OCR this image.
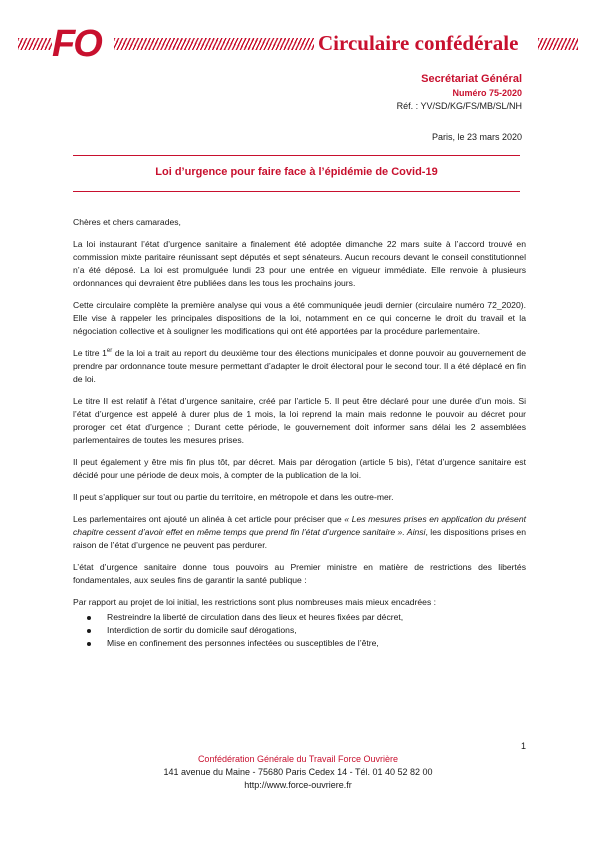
FO	Circulaire confédérale
Secrétariat Général
Numéro 75-2020
Réf. : YV/SD/KG/FS/MB/SL/NH
Paris, le 23 mars 2020
Loi d’urgence pour faire face à l’épidémie de Covid-19

Chères et chers camarades,

La loi instaurant l’état d’urgence sanitaire a finalement été adoptée dimanche 22 mars suite à l’accord trouvé en commission mixte paritaire réunissant sept députés et sept sénateurs. Aucun recours devant le conseil constitutionnel n’a été déposé. La loi est promulguée lundi 23 pour une entrée en vigueur immédiate. Elle renvoie à plusieurs ordonnances qui devraient être publiées dans les tous les prochains jours.

Cette circulaire complète la première analyse qui vous a été communiquée jeudi dernier (circulaire numéro 72_2020). Elle vise à rappeler les principales dispositions de la loi, notamment en ce qui concerne le droit du travail et la négociation collective et à souligner les modifications qui ont été apportées par la procédure parlementaire.

Le titre 1er de la loi a trait au report du deuxième tour des élections municipales et donne pouvoir au gouvernement de prendre par ordonnance toute mesure permettant d’adapter le droit électoral pour le second tour. Il a été déplacé en fin de loi.

Le titre II est relatif à l’état d’urgence sanitaire, créé par l’article 5. Il peut être déclaré pour une durée d’un mois. Si l’état d’urgence est appelé à durer plus de 1 mois, la loi reprend la main mais redonne le pouvoir au décret pour proroger cet état d’urgence ; Durant cette période, le gouvernement doit informer sans délai les 2 assemblées parlementaires de toutes les mesures prises.

Il peut également y être mis fin plus tôt, par décret. Mais par dérogation (article 5 bis), l’état d’urgence sanitaire est décidé pour une période de deux mois, à compter de la publication de la loi.

Il peut s’appliquer sur tout ou partie du territoire, en métropole et dans les outre-mer.

Les parlementaires ont ajouté un alinéa à cet article pour préciser que « Les mesures prises en application du présent chapitre cessent d’avoir effet en même temps que prend fin l’état d’urgence sanitaire ». Ainsi, les dispositions prises en raison de l’état d’urgence ne peuvent pas perdurer.

L’état d’urgence sanitaire donne tous pouvoirs au Premier ministre en matière de restrictions des libertés fondamentales, aux seules fins de garantir la santé publique :

Par rapport au projet de loi initial, les restrictions sont plus nombreuses mais mieux encadrées :

Restreindre la liberté de circulation dans des lieux et heures fixées par décret,
Interdiction de sortir du domicile sauf dérogations,
Mise en confinement des personnes infectées ou susceptibles de l’être,
1
Confédération Générale du Travail Force Ouvrière
141 avenue du Maine - 75680 Paris Cedex 14 - Tél. 01 40 52 82 00
http://www.force-ouvriere.fr
